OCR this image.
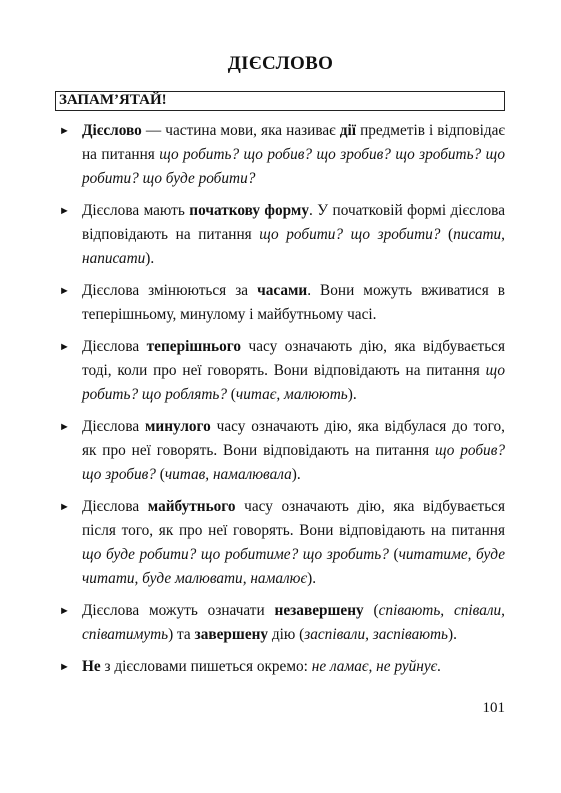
ДІЄСЛОВО
ЗАПАМ’ЯТАЙ!
► Дієслово — частина мови, яка називає дії предметів і відповідає на питання що робить? що робив? що зробив? що зробить? що робити? що буде робити?
► Дієслова мають початкову форму. У початковій формі дієслова відповідають на питання що робити? що зробити? (писати, написати).
► Дієслова змінюються за часами. Вони можуть вживатися в теперішньому, минулому і майбутньому часі.
► Дієслова теперішнього часу означають дію, яка відбувається тоді, коли про неї говорять. Вони відповідають на питання що робить? що роблять? (читає, малюють).
► Дієслова минулого часу означають дію, яка відбулася до того, як про неї говорять. Вони відповідають на питання що робив? що зробив? (читав, намалювала).
► Дієслова майбутнього часу означають дію, яка відбувається після того, як про неї говорять. Вони відповідають на питання що буде робити? що робитиме? що зробить? (читатиме, буде читати, буде малювати, намалює).
► Дієслова можуть означати незавершену (співають, співали, співатимуть) та завершену дію (заспівали, заспівають).
► Не з дієсловами пишеться окремо: не ламає, не руйнує.
101
